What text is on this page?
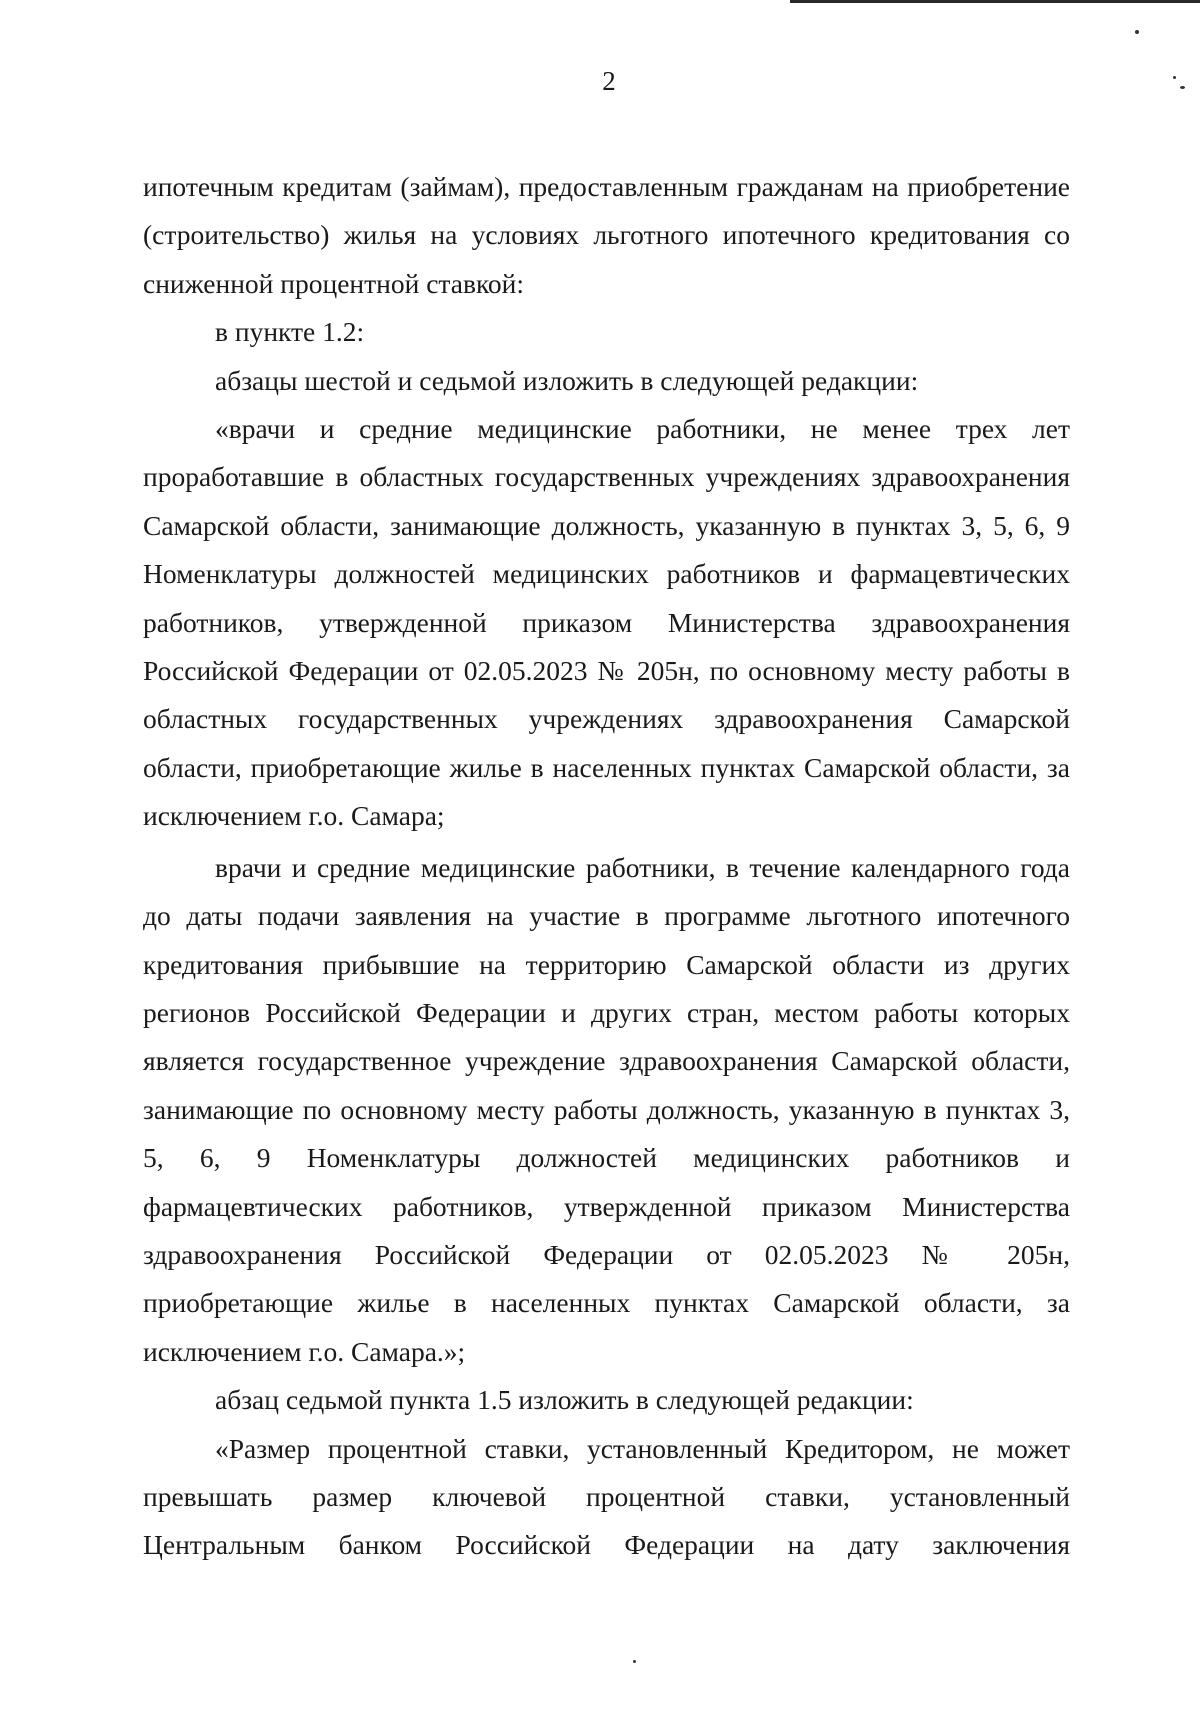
2

ипотечным кредитам (займам), предоставленным гражданам на приобретение (строительство) жилья на условиях льготного ипотечного кредитования со сниженной процентной ставкой:

в пункте 1.2:

абзацы шестой и седьмой изложить в следующей редакции:

«врачи и средние медицинские работники, не менее трех лет проработавшие в областных государственных учреждениях здравоохранения Самарской области, занимающие должность, указанную в пунктах 3, 5, 6, 9 Номенклатуры должностей медицинских работников и фармацевтических работников, утвержденной приказом Министерства здравоохранения Российской Федерации от 02.05.2023 № 205н, по основному месту работы в областных государственных учреждениях здравоохранения Самарской области, приобретающие жилье в населенных пунктах Самарской области, за исключением г.о. Самара;

врачи и средние медицинские работники, в течение календарного года до даты подачи заявления на участие в программе льготного ипотечного кредитования прибывшие на территорию Самарской области из других регионов Российской Федерации и других стран, местом работы которых является государственное учреждение здравоохранения Самарской области, занимающие по основному месту работы должность, указанную в пунктах 3, 5, 6, 9 Номенклатуры должностей медицинских работников и фармацевтических работников, утвержденной приказом Министерства здравоохранения Российской Федерации от 02.05.2023 № 205н, приобретающие жилье в населенных пунктах Самарской области, за исключением г.о. Самара.»;

абзац седьмой пункта 1.5 изложить в следующей редакции:

«Размер процентной ставки, установленный Кредитором, не может превышать размер ключевой процентной ставки, установленный Центральным банком Российской Федерации на дату заключения
